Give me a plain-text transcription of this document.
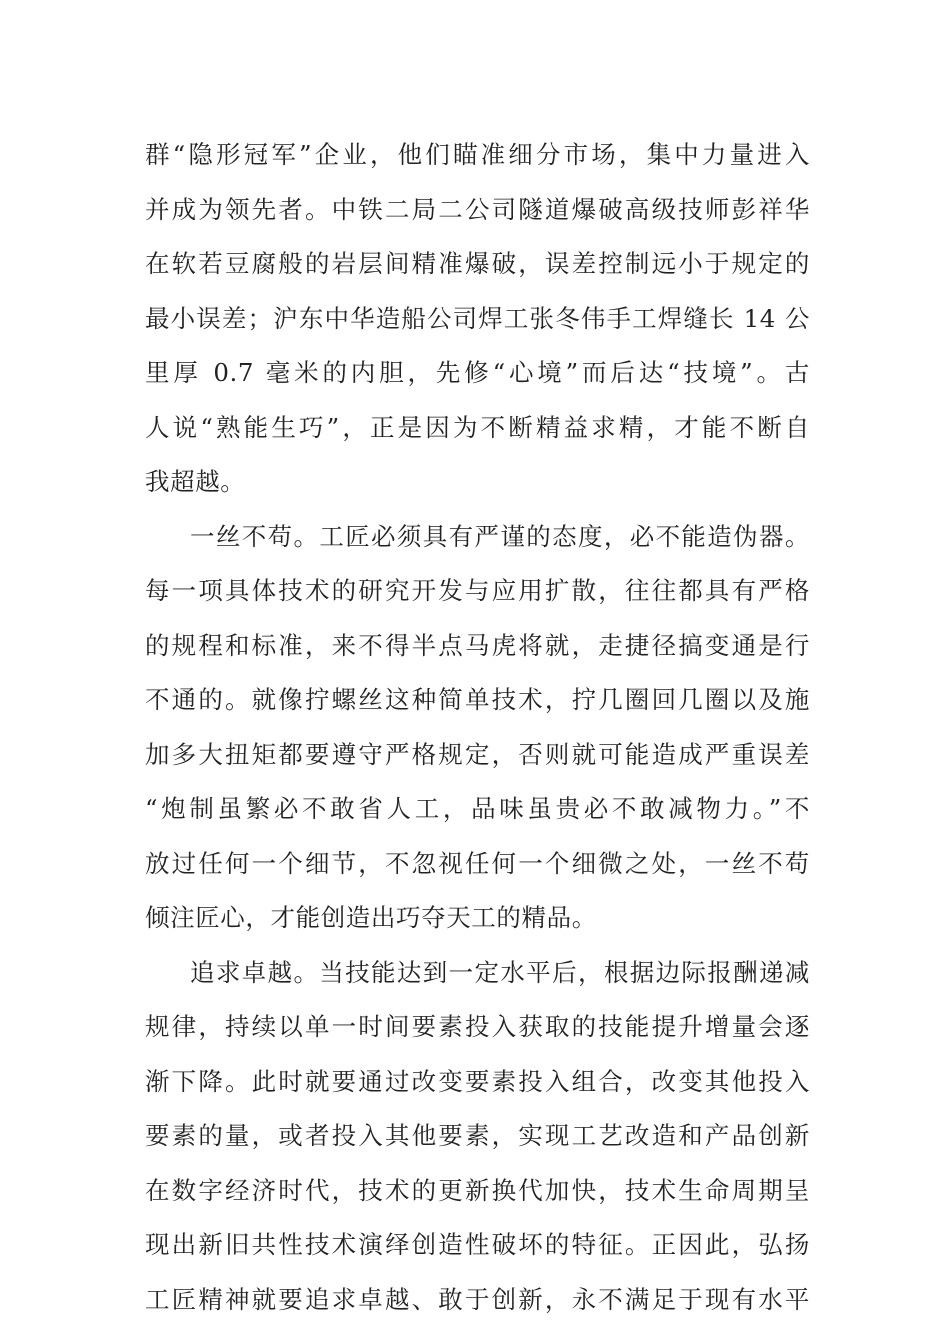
群“隐形冠军”企业，他们瞄准细分市场，集中力量进入
并成为领先者。中铁二局二公司隧道爆破高级技师彭祥华
在软若豆腐般的岩层间精准爆破，误差控制远小于规定的
最小误差；沪东中华造船公司焊工张冬伟手工焊缝长 14 公
里厚 0.7 毫米的内胆，先修“心境”而后达“技境”。古
人说“熟能生巧”，正是因为不断精益求精，才能不断自
我超越。
一丝不苟。工匠必须具有严谨的态度，必不能造伪器。
每一项具体技术的研究开发与应用扩散，往往都具有严格
的规程和标准，来不得半点马虎将就，走捷径搞变通是行
不通的。就像拧螺丝这种简单技术，拧几圈回几圈以及施
加多大扭矩都要遵守严格规定，否则就可能造成严重误差
“炮制虽繁必不敢省人工，品味虽贵必不敢减物力。”不
放过任何一个细节，不忽视任何一个细微之处，一丝不苟
倾注匠心，才能创造出巧夺天工的精品。
追求卓越。当技能达到一定水平后，根据边际报酬递减
规律，持续以单一时间要素投入获取的技能提升增量会逐
渐下降。此时就要通过改变要素投入组合，改变其他投入
要素的量，或者投入其他要素，实现工艺改造和产品创新
在数字经济时代，技术的更新换代加快，技术生命周期呈
现出新旧共性技术演绎创造性破坏的特征。正因此，弘扬
工匠精神就要追求卓越、敢于创新，永不满足于现有水平
